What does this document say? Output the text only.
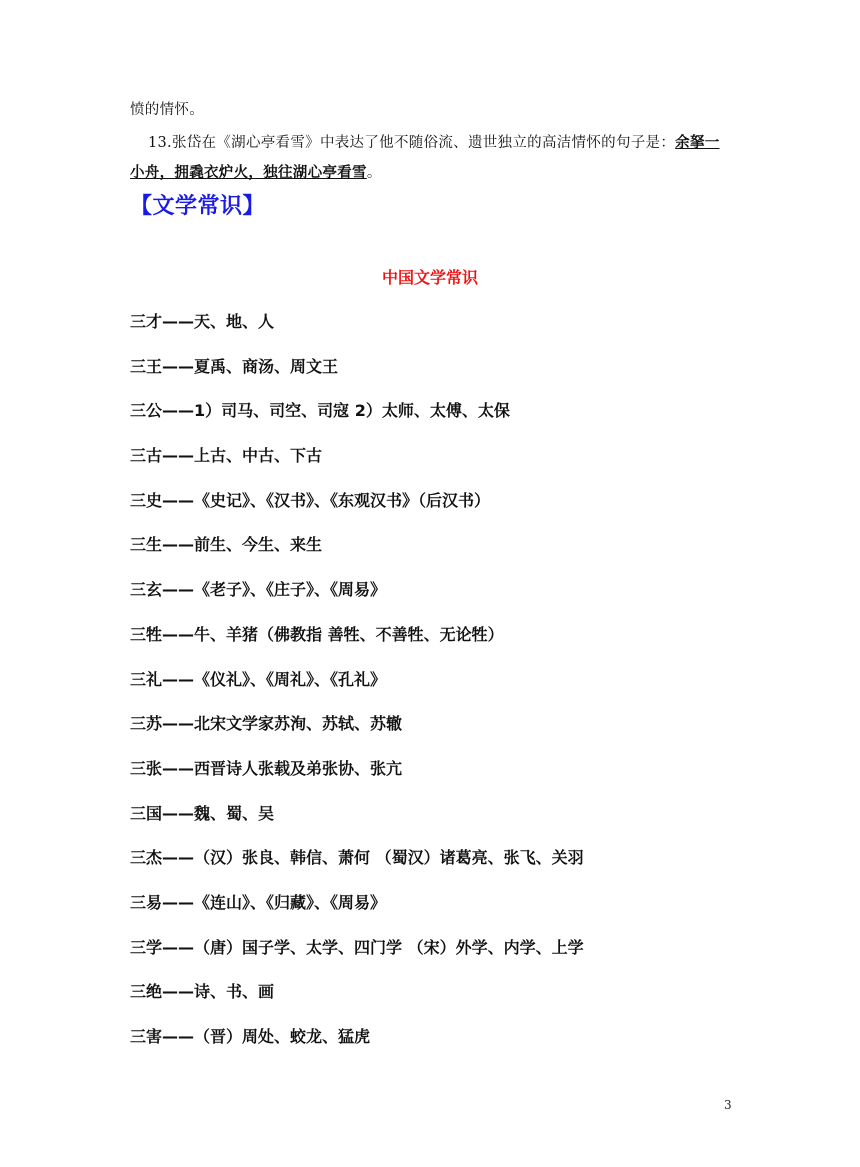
愤的情怀。
13.张岱在《湖心亭看雪》中表达了他不随俗流、遗世独立的高洁情怀的句子是：余拏一小舟，拥毳衣炉火，独往湖心亭看雪。
【文学常识】
中国文学常识
三才——天、地、人
三王——夏禹、商汤、周文王
三公——1）司马、司空、司寇 2）太师、太傅、太保
三古——上古、中古、下古
三史——《史记》、《汉书》、《东观汉书》（后汉书）
三生——前生、今生、来生
三玄——《老子》、《庄子》、《周易》
三牲——牛、羊猪（佛教指 善牲、不善牲、无论牲）
三礼——《仪礼》、《周礼》、《孔礼》
三苏——北宋文学家苏洵、苏轼、苏辙
三张——西晋诗人张载及弟张协、张亢
三国——魏、蜀、吴
三杰——（汉）张良、韩信、萧何 （蜀汉）诸葛亮、张飞、关羽
三易——《连山》、《归藏》、《周易》
三学——（唐）国子学、太学、四门学 （宋）外学、内学、上学
三绝——诗、书、画
三害——（晋）周处、蛟龙、猛虎
3
